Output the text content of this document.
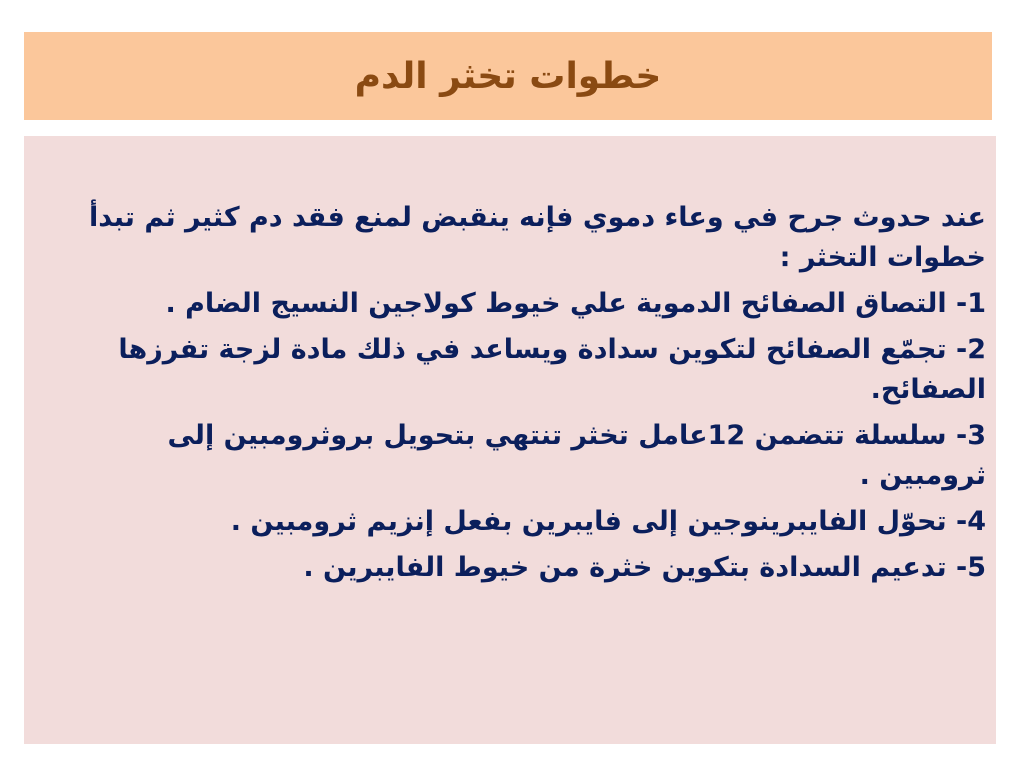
خطوات تخثر الدم

عند حدوث جرح في وعاء دموي فإنه ينقبض لمنع فقد دم كثير ثم تبدأ خطوات التخثر :

1- التصاق الصفائح الدموية علي خيوط كولاجين النسيج الضام .

2- تجمّع الصفائح لتكوين سدادة ويساعد في ذلك مادة لزجة تفرزها الصفائح.

3- سلسلة تتضمن 12عامل تخثر تنتهي بتحويل بروثرومبين إلى ثرومبين .

4- تحوّل الفايبرينوجين إلى فايبرين بفعل إنزيم ثرومبين .

5- تدعيم السدادة بتكوين خثرة من خيوط الفايبرين .
